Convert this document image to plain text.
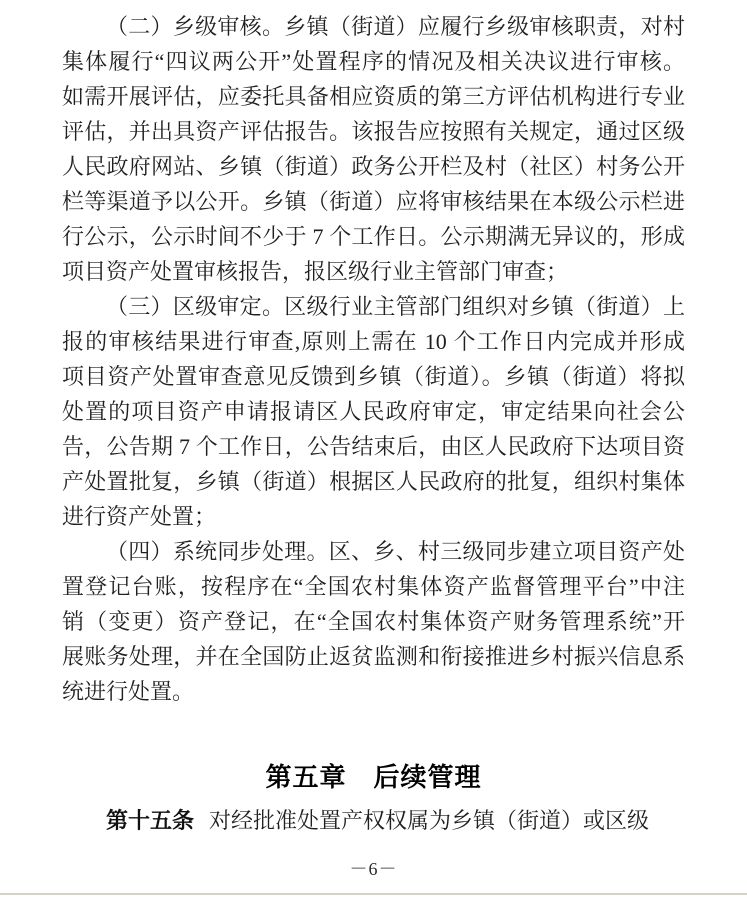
（二）乡级审核。乡镇（街道）应履行乡级审核职责，对村
集体履行“四议两公开”处置程序的情况及相关决议进行审核。
如需开展评估，应委托具备相应资质的第三方评估机构进行专业
评估，并出具资产评估报告。该报告应按照有关规定，通过区级
人民政府网站、乡镇（街道）政务公开栏及村（社区）村务公开
栏等渠道予以公开。乡镇（街道）应将审核结果在本级公示栏进
行公示，公示时间不少于 7 个工作日。公示期满无异议的，形成
项目资产处置审核报告，报区级行业主管部门审查；
（三）区级审定。区级行业主管部门组织对乡镇（街道）上
报的审核结果进行审查,原则上需在 10 个工作日内完成并形成
项目资产处置审查意见反馈到乡镇（街道）。乡镇（街道）将拟
处置的项目资产申请报请区人民政府审定，审定结果向社会公
告，公告期 7 个工作日，公告结束后，由区人民政府下达项目资
产处置批复，乡镇（街道）根据区人民政府的批复，组织村集体
进行资产处置；
（四）系统同步处理。区、乡、村三级同步建立项目资产处
置登记台账，按程序在“全国农村集体资产监督管理平台”中注
销（变更）资产登记，在“全国农村集体资产财务管理系统”开
展账务处理，并在全国防止返贫监测和衔接推进乡村振兴信息系
统进行处置。
第五章　后续管理

第十五条 对经批准处置产权权属为乡镇（街道）或区级

－6－
